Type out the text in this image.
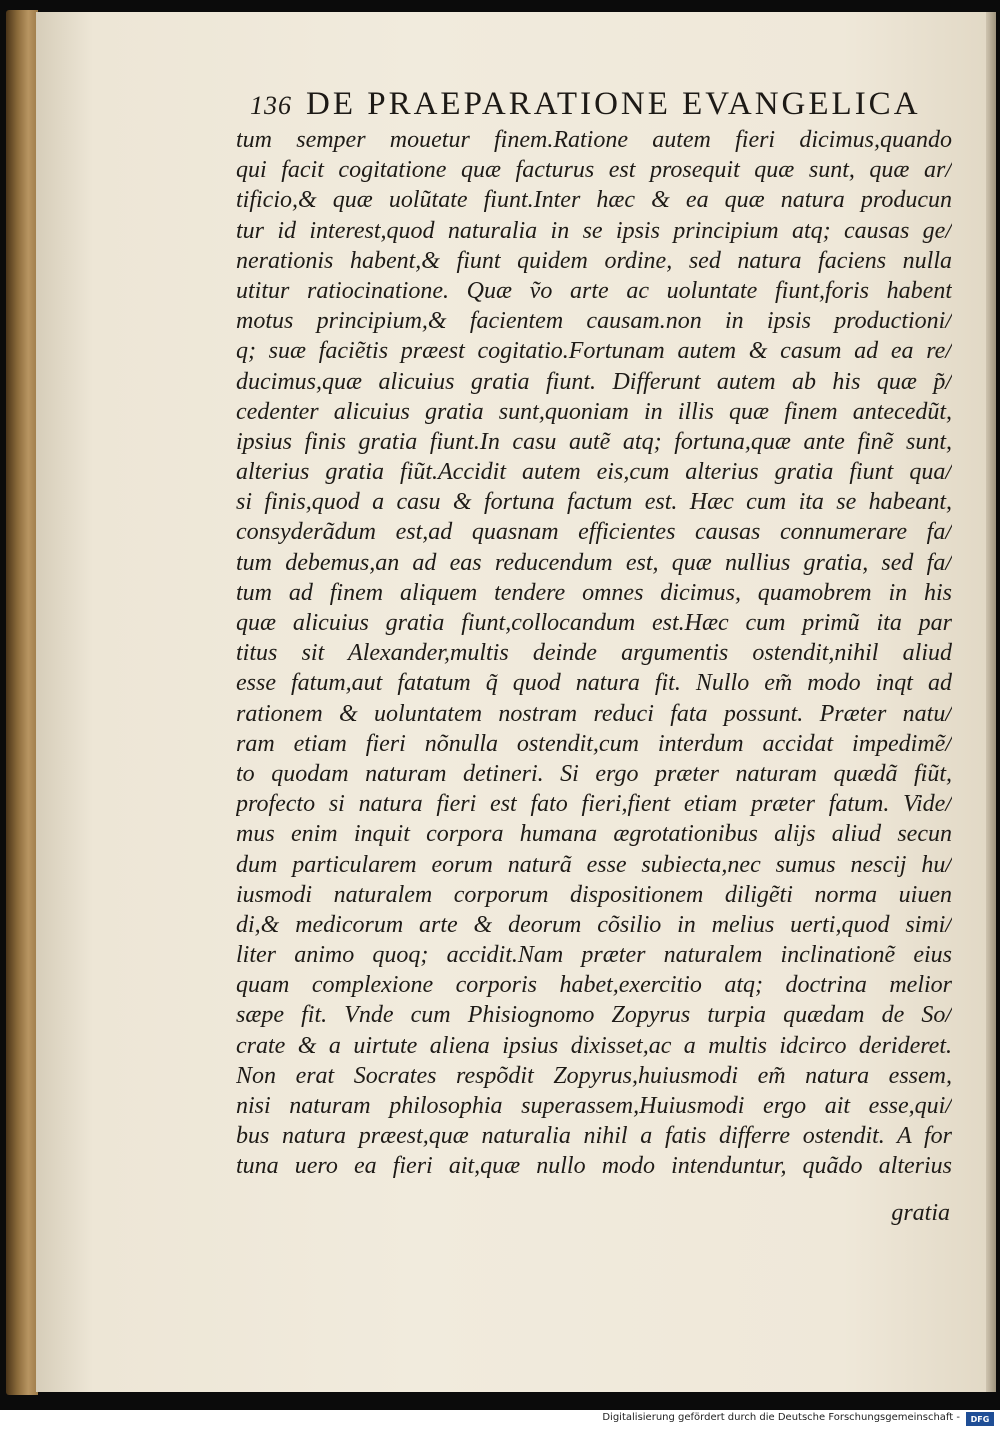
136 DE PRAEPARATIONE EVANGELICA
tum semper mouetur finem.Ratione autem fieri dicimus,quando
qui facit cogitatione quæ facturus est prosequit quæ sunt, quæ ar/
tificio,& quæ uolũtate fiunt.Inter hæc & ea quæ natura producun
tur id interest,quod naturalia in se ipsis principium atq; causas ge/
nerationis habent,& fiunt quidem ordine, sed natura faciens nulla
utitur ratiocinatione. Quæ ṽo arte ac uoluntate fiunt,foris habent
motus principium,& facientem causam.non in ipsis productioni/
q; suæ faciẽtis præest cogitatio.Fortunam autem & casum ad ea re/
ducimus,quæ alicuius gratia fiunt. Differunt autem ab his quæ p̃/
cedenter alicuius gratia sunt,quoniam in illis quæ finem antecedũt,
ipsius finis gratia fiunt.In casu autẽ atq; fortuna,quæ ante finẽ sunt,
alterius gratia fiũt.Accidit autem eis,cum alterius gratia fiunt qua/
si finis,quod a casu & fortuna factum est. Hæc cum ita se habeant,
consyderãdum est,ad quasnam efficientes causas connumerare fa/
tum debemus,an ad eas reducendum est, quæ nullius gratia, sed fa/
tum ad finem aliquem tendere omnes dicimus, quamobrem in his
quæ alicuius gratia fiunt,collocandum est.Hæc cum primũ ita par
titus sit Alexander,multis deinde argumentis ostendit,nihil aliud
esse fatum,aut fatatum q̃ quod natura fit. Nullo em̃ modo inqt ad
rationem & uoluntatem nostram reduci fata possunt. Præter natu/
ram etiam fieri nõnulla ostendit,cum interdum accidat impedimẽ/
to quodam naturam detineri. Si ergo præter naturam quædã fiũt,
profecto si natura fieri est fato fieri,fient etiam præter fatum. Vide/
mus enim inquit corpora humana ægrotationibus alijs aliud secun
dum particularem eorum naturã esse subiecta,nec sumus nescij hu/
iusmodi naturalem corporum dispositionem diligẽti norma uiuen
di,& medicorum arte & deorum cõsilio in melius uerti,quod simi/
liter animo quoq; accidit.Nam præter naturalem inclinationẽ eius
quam complexione corporis habet,exercitio atq; doctrina melior
sæpe fit. Vnde cum Phisiognomo Zopyrus turpia quædam de So/
crate & a uirtute aliena ipsius dixisset,ac a multis idcirco derideret.
Non erat Socrates respõdit Zopyrus,huiusmodi em̃ natura essem,
nisi naturam philosophia superassem,Huiusmodi ergo ait esse,qui/
bus natura præest,quæ naturalia nihil a fatis differre ostendit. A for
tuna uero ea fieri ait,quæ nullo modo intenduntur, quãdo alterius
gratia
Digitalisierung gefördert durch die Deutsche Forschungsgemeinschaft -	DFG
